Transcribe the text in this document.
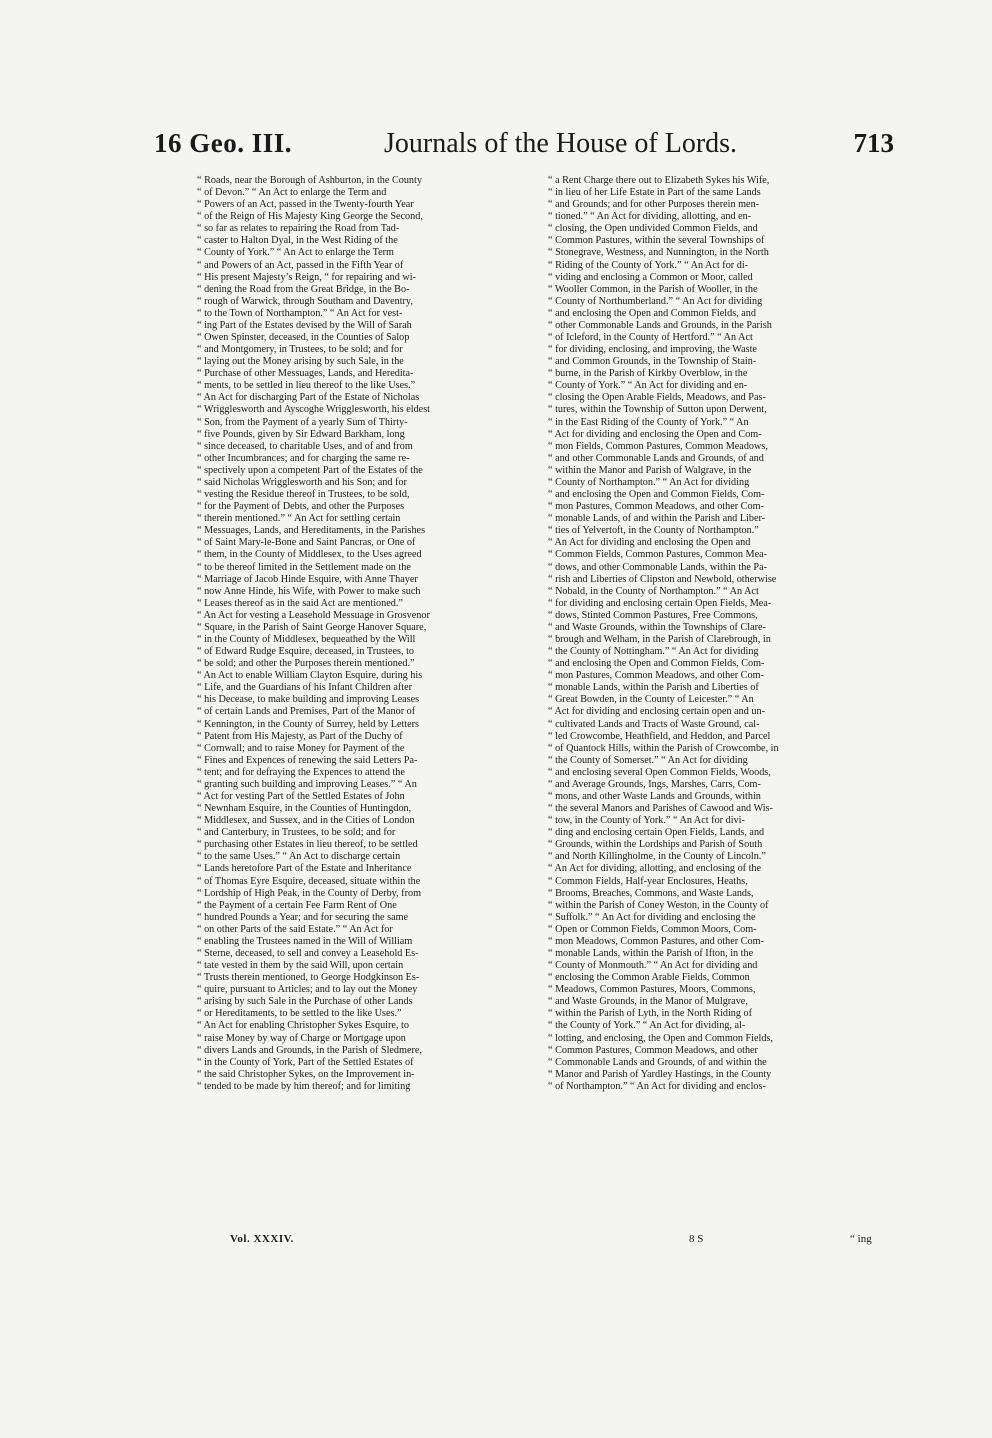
16 Geo. III.	Journals of the House of Lords.	713
“ Roads, near the Borough of Ashburton, in the County
“ of Devon.” “ An Act to enlarge the Term and
“ Powers of an Act, passed in the Twenty-fourth Year
“ of the Reign of His Majesty King George the Second,
“ so far as relates to repairing the Road from Tad-
“ caster to Halton Dyal, in the West Riding of the
“ County of York.” “ An Act to enlarge the Term
“ and Powers of an Act, passed in the Fifth Year of
“ His present Majesty’s Reign, “ for repairing and wi-
“ dening the Road from the Great Bridge, in the Bo-
“ rough of Warwick, through Southam and Daventry,
“ to the Town of Northampton.” “ An Act for vest-
“ ing Part of the Estates devised by the Will of Sarah
“ Owen Spinster, deceased, in the Counties of Salop
“ and Montgomery, in Trustees, to be sold; and for
“ laying out the Money arising by such Sale, in the
“ Purchase of other Messuages, Lands, and Heredita-
“ ments, to be settled in lieu thereof to the like Uses.”
“ An Act for discharging Part of the Estate of Nicholas
“ Wrigglesworth and Ayscoghe Wrigglesworth, his eldest
“ Son, from the Payment of a yearly Sum of Thirty-
“ five Pounds, given by Sir Edward Barkham, long
“ since deceased, to charitable Uses, and of and from
“ other Incumbrances; and for charging the same re-
“ spectively upon a competent Part of the Estates of the
“ said Nicholas Wrigglesworth and his Son; and for
“ vesting the Residue thereof in Trustees, to be sold,
“ for the Payment of Debts, and other the Purposes
“ therein mentioned.” “ An Act for settling certain
“ Messuages, Lands, and Hereditaments, in the Parishes
“ of Saint Mary-le-Bone and Saint Pancras, or One of
“ them, in the County of Middlesex, to the Uses agreed
“ to be thereof limited in the Settlement made on the
“ Marriage of Jacob Hinde Esquire, with Anne Thayer
“ now Anne Hinde, his Wife, with Power to make such
“ Leases thereof as in the said Act are mentioned.”
“ An Act for vesting a Leasehold Messuage in Grosvenor
“ Square, in the Parish of Saint George Hanover Square,
“ in the County of Middlesex, bequeathed by the Will
“ of Edward Rudge Esquire, deceased, in Trustees, to
“ be sold; and other the Purposes therein mentioned.”
“ An Act to enable William Clayton Esquire, during his
“ Life, and the Guardians of his Infant Children after
“ his Decease, to make building and improving Leases
“ of certain Lands and Premises, Part of the Manor of
“ Kennington, in the County of Surrey, held by Letters
“ Patent from His Majesty, as Part of the Duchy of
“ Cornwall; and to raise Money for Payment of the
“ Fines and Expences of renewing the said Letters Pa-
“ tent; and for defraying the Expences to attend the
“ granting such building and improving Leases.” “ An
“ Act for vesting Part of the Settled Estates of John
“ Newnham Esquire, in the Counties of Huntingdon,
“ Middlesex, and Sussex, and in the Cities of London
“ and Canterbury, in Trustees, to be sold; and for
“ purchasing other Estates in lieu thereof, to be settled
“ to the same Uses.” “ An Act to discharge certain
“ Lands heretofore Part of the Estate and Inheritance
“ of Thomas Eyre Esquire, deceased, situate within the
“ Lordship of High Peak, in the County of Derby, from
“ the Payment of a certain Fee Farm Rent of One
“ hundred Pounds a Year; and for securing the same
“ on other Parts of the said Estate.” “ An Act for
“ enabling the Trustees named in the Will of William
“ Sterne, deceased, to sell and convey a Leasehold Es-
“ tate vested in them by the said Will, upon certain
“ Trusts therein mentioned, to George Hodgkinson Es-
“ quire, pursuant to Articles; and to lay out the Money
“ arising by such Sale in the Purchase of other Lands
“ or Hereditaments, to be settled to the like Uses.”
“ An Act for enabling Christopher Sykes Esquire, to
“ raise Money by way of Charge or Mortgage upon
“ divers Lands and Grounds, in the Parish of Sledmere,
“ in the County of York, Part of the Settled Estates of
“ the said Christopher Sykes, on the Improvement in-
“ tended to be made by him thereof; and for limiting
“ a Rent Charge there out to Elizabeth Sykes his Wife,
“ in lieu of her Life Estate in Part of the same Lands
“ and Grounds; and for other Purposes therein men-
“ tioned.” “ An Act for dividing, allotting, and en-
“ closing, the Open undivided Common Fields, and
“ Common Pastures, within the several Townships of
“ Stonegrave, Westness, and Nunnington, in the North
“ Riding of the County of York.” “ An Act for di-
“ viding and enclosing a Common or Moor, called
“ Wooller Common, in the Parish of Wooller, in the
“ County of Northumberland.” “ An Act for dividing
“ and enclosing the Open and Common Fields, and
“ other Commonable Lands and Grounds, in the Parish
“ of Icleford, in the County of Hertford.” “ An Act
“ for dividing, enclosing, and improving, the Waste
“ and Common Grounds, in the Township of Stain-
“ burne, in the Parish of Kirkby Overblow, in the
“ County of York.” “ An Act for dividing and en-
“ closing the Open Arable Fields, Meadows, and Pas-
“ tures, within the Township of Sutton upon Derwent,
“ in the East Riding of the County of York.” “ An
“ Act for dividing and enclosing the Open and Com-
“ mon Fields, Common Pastures, Common Meadows,
“ and other Commonable Lands and Grounds, of and
“ within the Manor and Parish of Walgrave, in the
“ County of Northampton.” “ An Act for dividing
“ and enclosing the Open and Common Fields, Com-
“ mon Pastures, Common Meadows, and other Com-
“ monable Lands, of and within the Parish and Liber-
“ ties of Yelvertoft, in the County of Northampton.”
“ An Act for dividing and enclosing the Open and
“ Common Fields, Common Pastures, Common Mea-
“ dows, and other Commonable Lands, within the Pa-
“ rish and Liberties of Clipston and Newbold, otherwise
“ Nobald, in the County of Northampton.” “ An Act
“ for dividing and enclosing certain Open Fields, Mea-
“ dows, Stinted Common Pastures, Free Commons,
“ and Waste Grounds, within the Townships of Clare-
“ brough and Welham, in the Parish of Clarebrough, in
“ the County of Nottingham.” “ An Act for dividing
“ and enclosing the Open and Common Fields, Com-
“ mon Pastures, Common Meadows, and other Com-
“ monable Lands, within the Parish and Liberties of
“ Great Bowden, in the County of Leicester.” “ An
“ Act for dividing and enclosing certain open and un-
“ cultivated Lands and Tracts of Waste Ground, cal-
“ led Crowcombe, Heathfield, and Heddon, and Parcel
“ of Quantock Hills, within the Parish of Crowcombe, in
“ the County of Somerset.” “ An Act for dividing
“ and enclosing several Open Common Fields, Woods,
“ and Average Grounds, Ings, Marshes, Carrs, Com-
“ mons, and other Waste Lands and Grounds, within
“ the several Manors and Parishes of Cawood and Wis-
“ tow, in the County of York.” “ An Act for divi-
“ ding and enclosing certain Open Fields, Lands, and
“ Grounds, within the Lordships and Parish of South
“ and North Killingholme, in the County of Lincoln.”
“ An Act for dividing, allotting, and enclosing of the
“ Common Fields, Half-year Enclosures, Heaths,
“ Brooms, Breaches, Commons, and Waste Lands,
“ within the Parish of Coney Weston, in the County of
“ Suffolk.” “ An Act for dividing and enclosing the
“ Open or Common Fields, Common Moors, Com-
“ mon Meadows, Common Pastures, and other Com-
“ monable Lands, within the Parish of Ifton, in the
“ County of Monmouth.” “ An Act for dividing and
“ enclosing the Common Arable Fields, Common
“ Meadows, Common Pastures, Moors, Commons,
“ and Waste Grounds, in the Manor of Mulgrave,
“ within the Parish of Lyth, in the North Riding of
“ the County of York.” “ An Act for dividing, al-
“ lotting, and enclosing, the Open and Common Fields,
“ Common Pastures, Common Meadows, and other
“ Commonable Lands and Grounds, of and within the
“ Manor and Parish of Yardley Hastings, in the County
“ of Northampton.” “ An Act for dividing and enclos-
Vol. XXXIV.	8 S	“ ing
